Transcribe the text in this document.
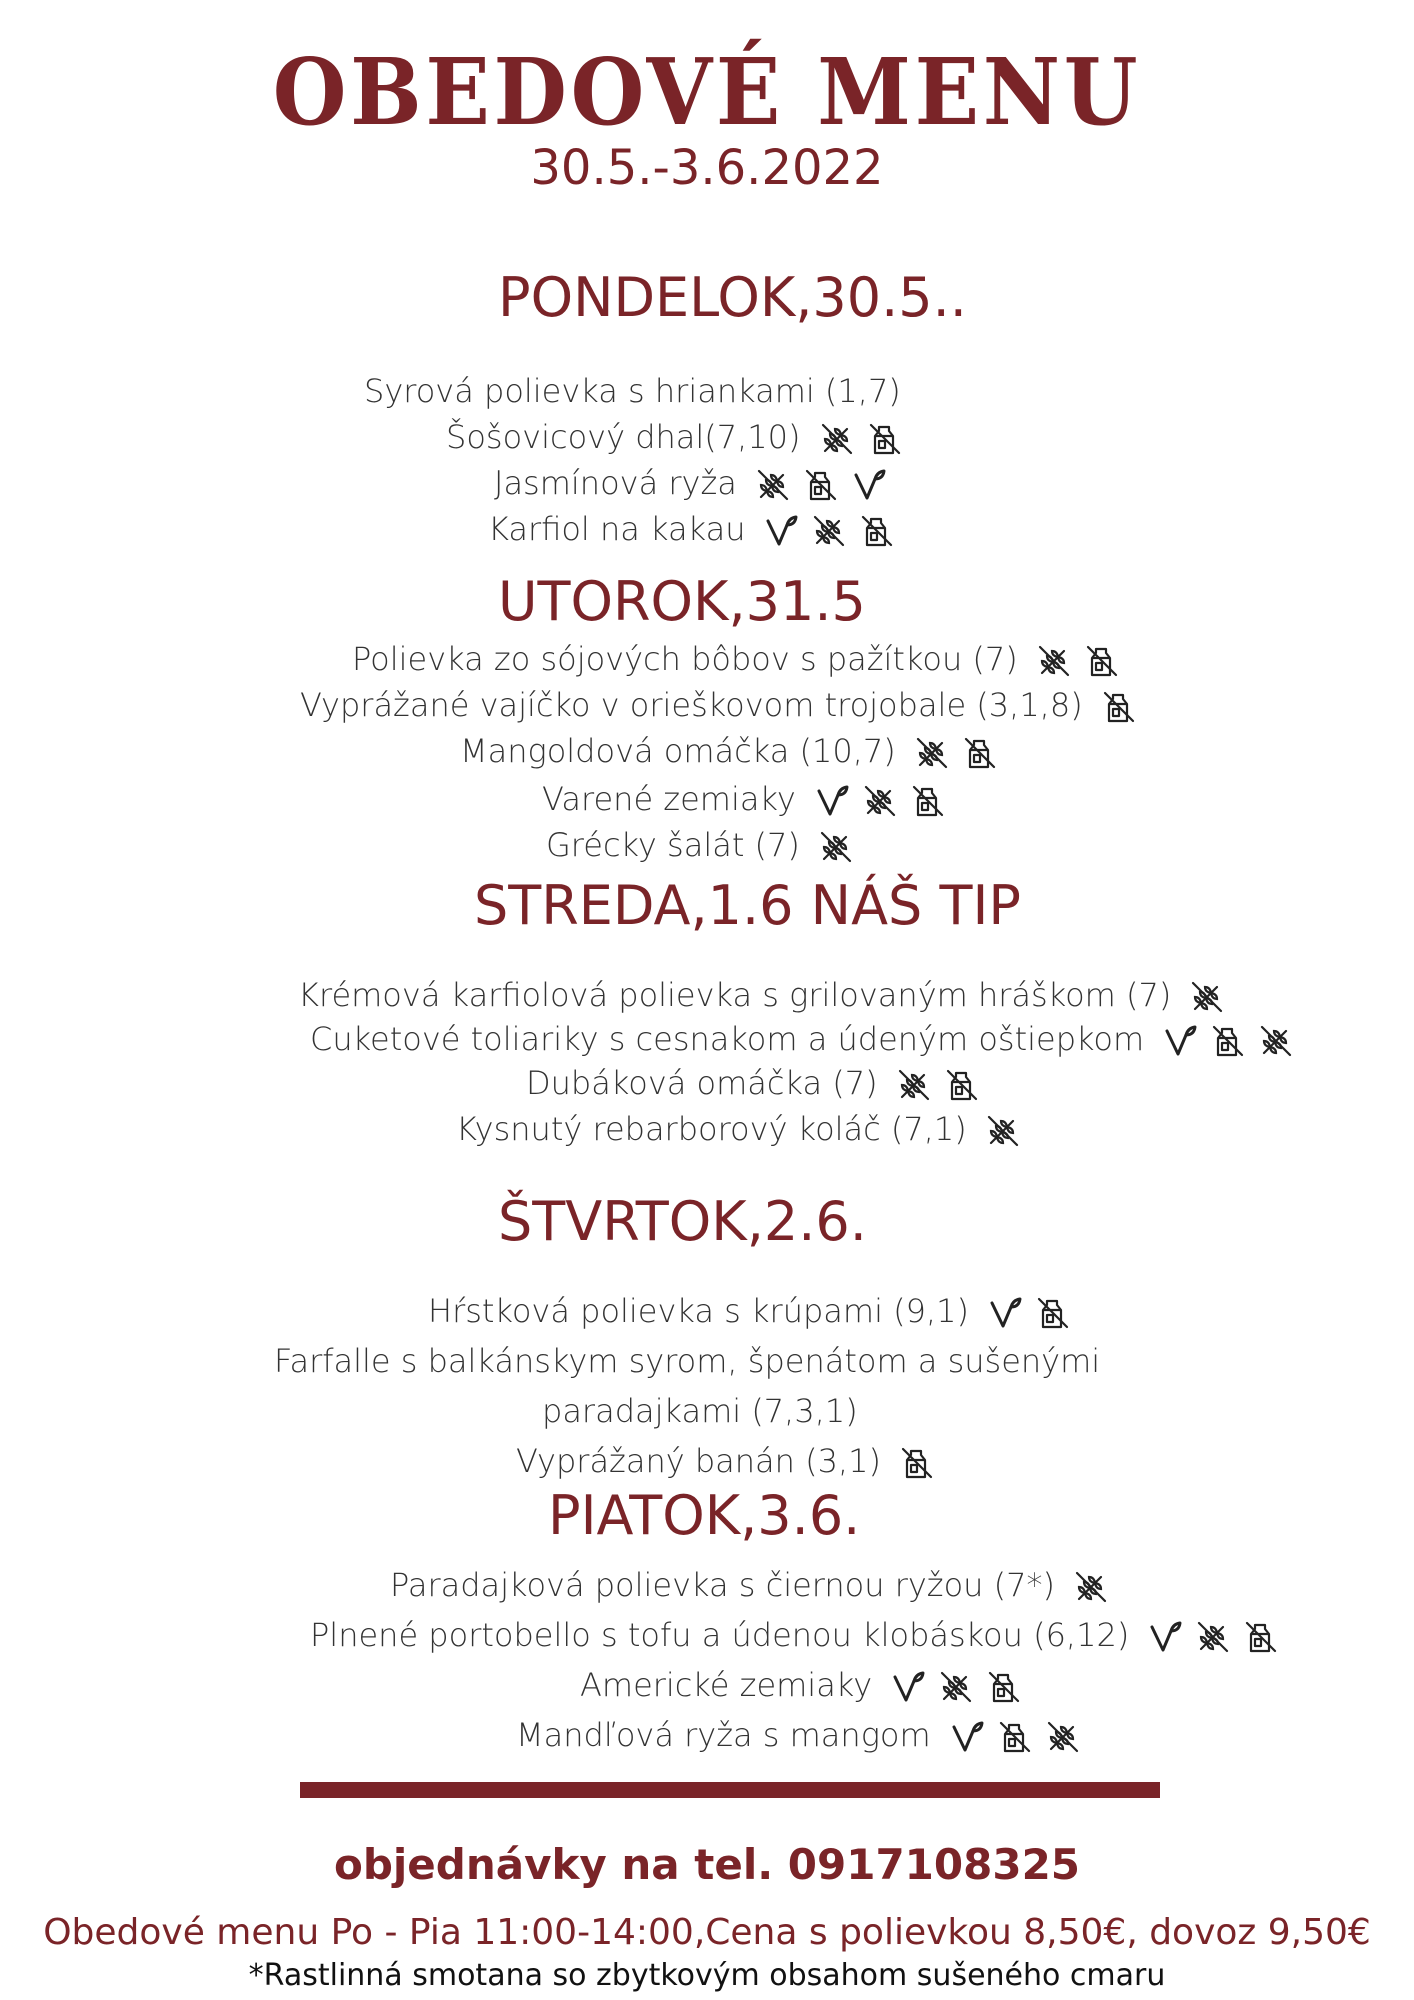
OBEDOVÉ MENU
30.5.-3.6.2022
PONDELOK,30.5..
Syrová polievka s hriankami (1,7)
Šošovicový dhal(7,10)
Jasmínová ryža
Karfiol na kakau
UTOROK,31.5
Polievka zo sójových bôbov s pažítkou (7)
Vyprážané vajíčko v orieškovom trojobale (3,1,8)
Mangoldová omáčka (10,7)
Varené zemiaky
Grécky šalát (7)
STREDA,1.6 NÁŠ TIP
Krémová karfiolová polievka s grilovaným hráškom (7)
Cuketové toliariky s cesnakom a údeným oštiepkom
Dubáková omáčka (7)
Kysnutý rebarborový koláč (7,1)
ŠTVRTOK,2.6.
Hŕstková polievka s krúpami (9,1)
Farfalle s balkánskym syrom, špenátom a sušenými
paradajkami (7,3,1)
Vyprážaný banán (3,1)
PIATOK,3.6.
Paradajková polievka s čiernou ryžou (7*)
Plnené portobello s tofu a údenou klobáskou (6,12)
Americké zemiaky
Mandľová ryža s mangom
objednávky na tel. 0917108325
Obedové menu Po - Pia 11:00-14:00,Cena s polievkou 8,50€, dovoz 9,50€
*Rastlinná smotana so zbytkovým obsahom sušeného cmaru
